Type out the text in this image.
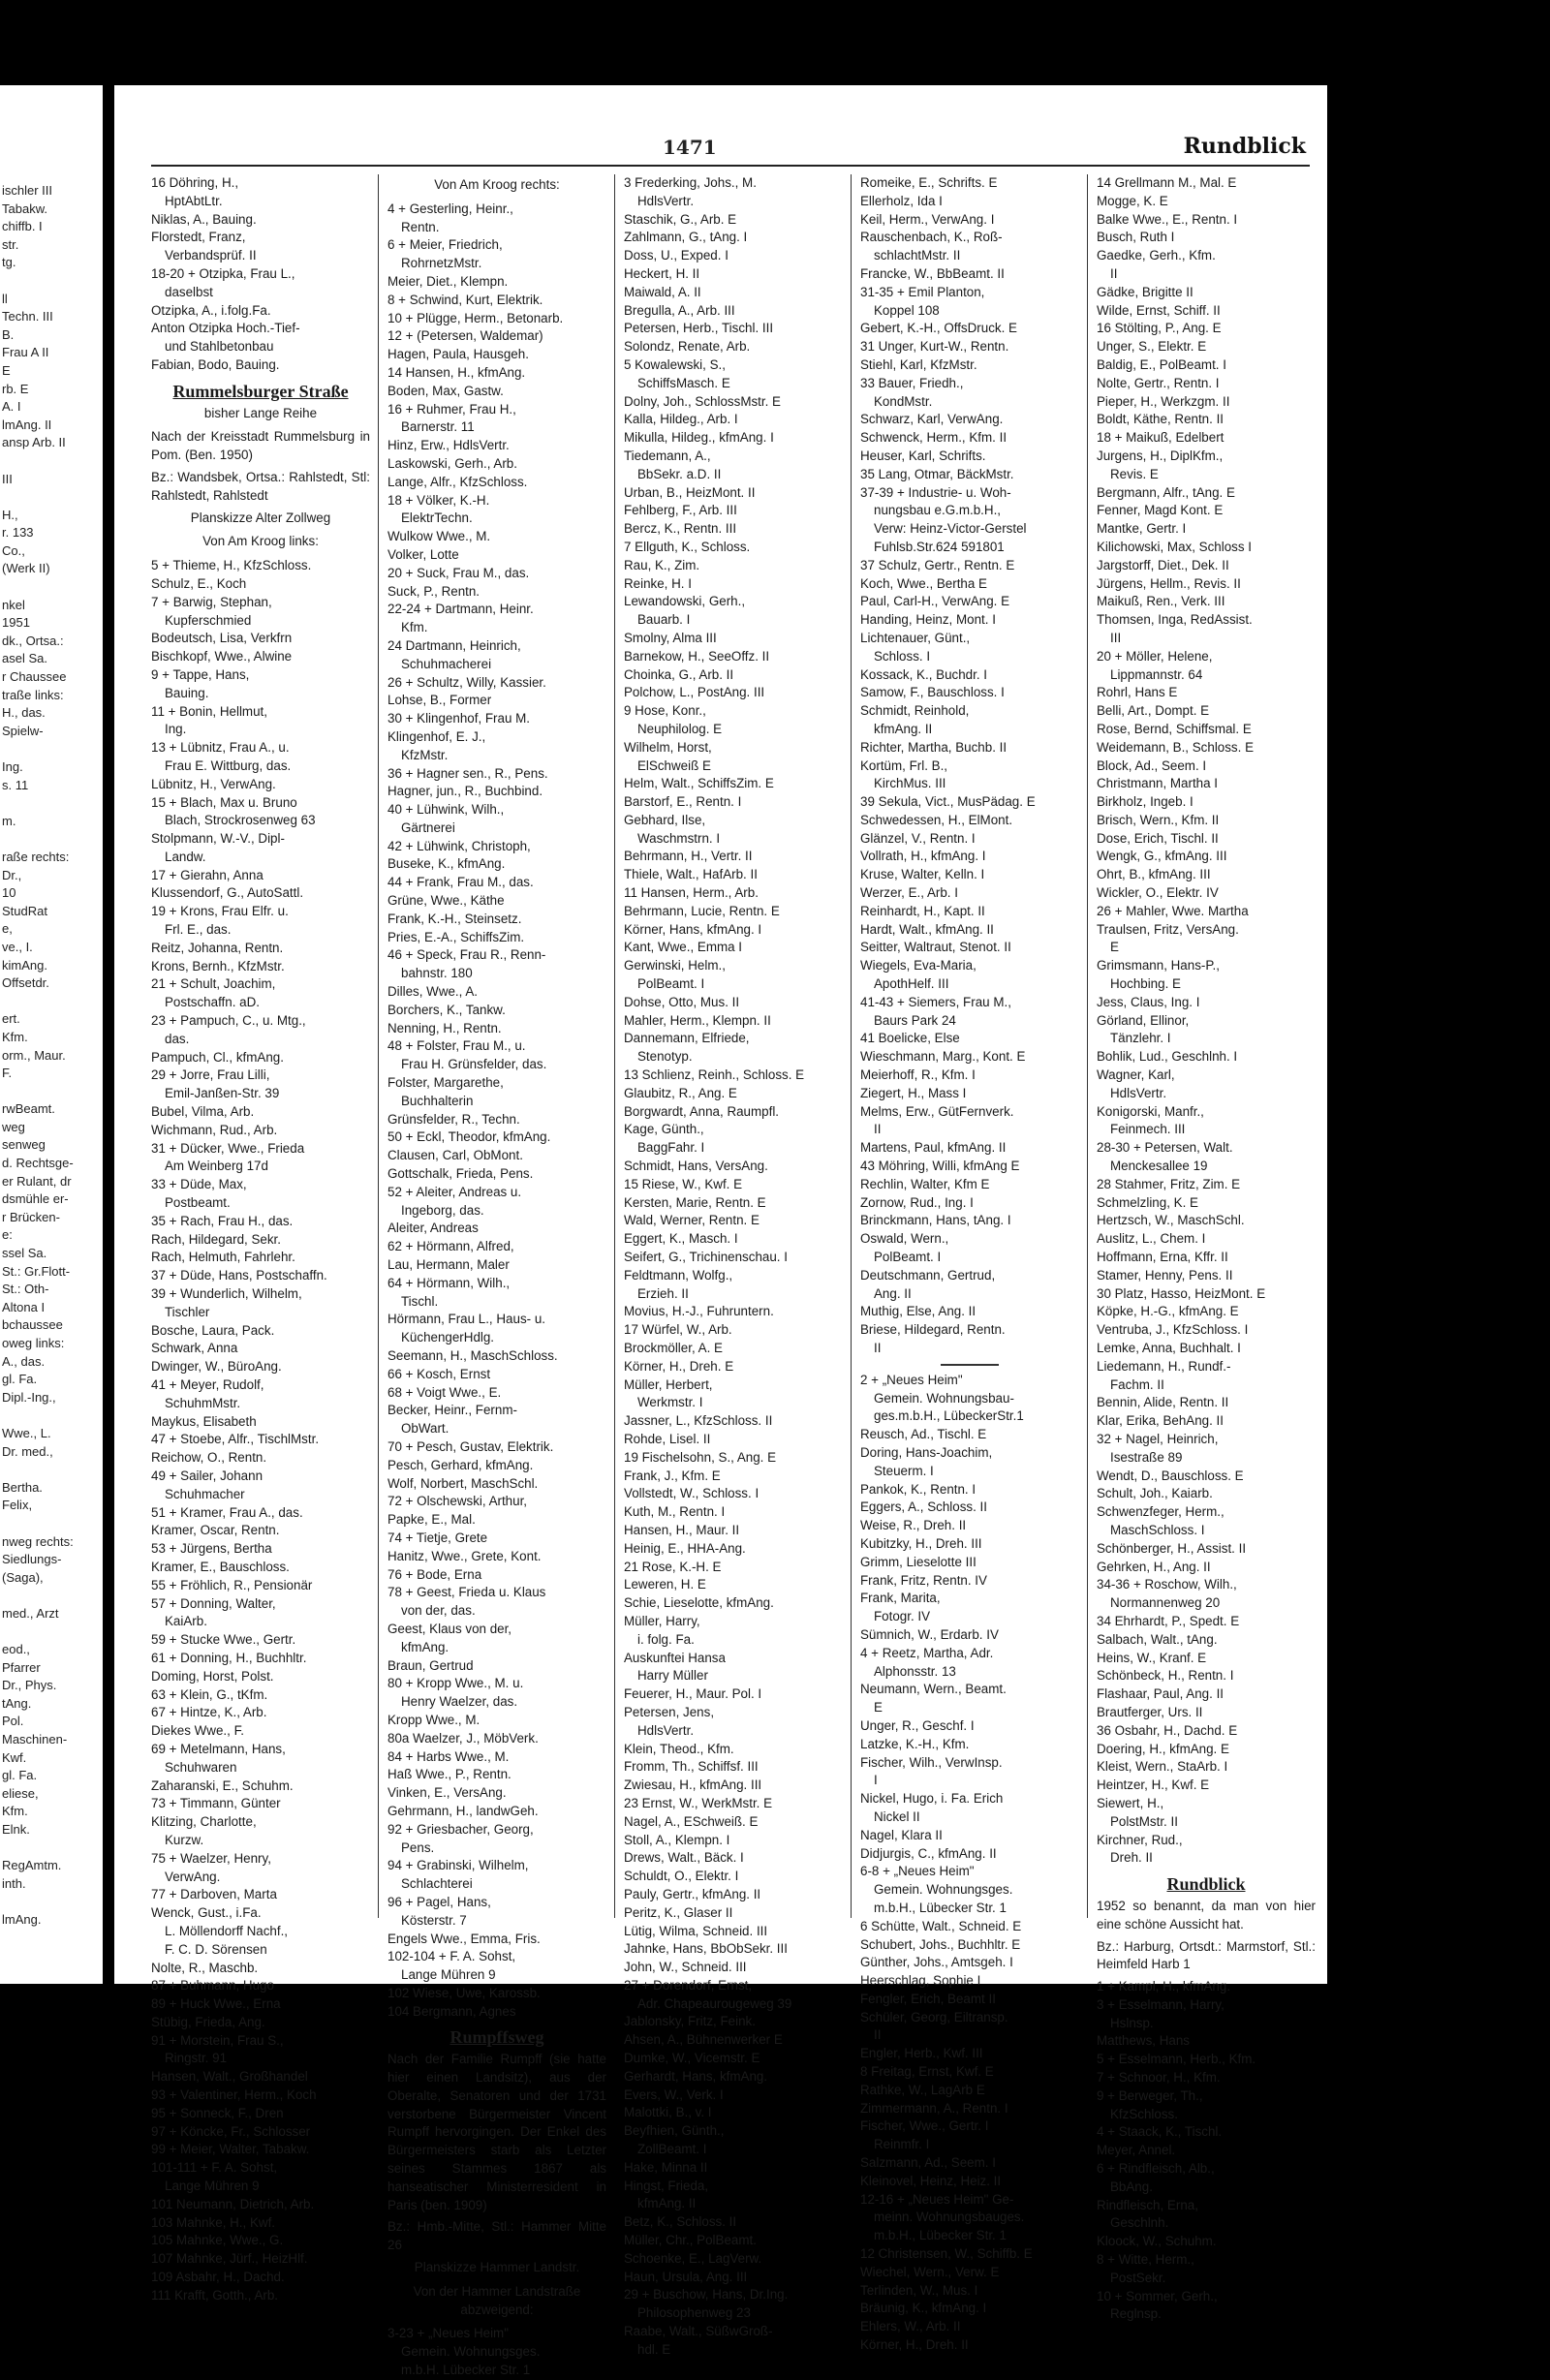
ischler III
Tabakw.
chiffb. I
str.
tg.

ll
Techn. III
B.
Frau A II
E
rb. E
A. I
lmAng. II
ansp Arb. II

III

H.,
r. 133
Co.,
(Werk II)

nkel
1951
dk., Ortsa.:
asel Sa.
r Chaussee
traße links:
H., das.
Spielw-

Ing.
s. 11

m.

raße rechts:
Dr.,
10
StudRat
e,
ve., I.
kimAng.
Offsetdr.

ert.
Kfm.
orm., Maur.
F.

rwBeamt.
weg
senweg
d. Rechtsge-
er Rulant, dr
dsmühle er-
r Brücken-
e:
ssel Sa.
St.: Gr.Flott-
St.: Oth-
Altona I
bchaussee
oweg links:
A., das.
gl. Fa.
Dipl.-Ing.,

Wwe., L.
Dr. med.,

Bertha.
Felix,

nweg rechts:
Siedlungs-
(Saga),

med., Arzt

eod.,
Pfarrer
Dr., Phys.
tAng.
Pol.
Maschinen-
Kwf.
gl. Fa.
eliese,
Kfm.
Elnk.

RegAmtm.
inth.

lmAng.
1471	Rundblick
16 Döhring, H.,
HptAbtLtr.
Niklas, A., Bauing.
Florstedt, Franz,
Verbandsprüf. II
18-20 + Otzipka, Frau L.,
daselbst
Otzipka, A., i.folg.Fa.
Anton Otzipka Hoch.-Tief-
und Stahlbetonbau
Fabian, Bodo, Bauing.
Rummelsburger Straße
bisher Lange Reihe
Nach der Kreisstadt Rummelsburg in Pom. (Ben. 1950)
Bz.: Wandsbek, Ortsa.: Rahlstedt, Stl: Rahlstedt, Rahlstedt
Planskizze Alter Zollweg
Von Am Kroog links:
5 + Thieme, H., KfzSchloss.
Schulz, E., Koch
7 + Barwig, Stephan,
Kupferschmied
Bodeutsch, Lisa, Verkfrn
Bischkopf, Wwe., Alwine
9 + Tappe, Hans,
Bauing.
11 + Bonin, Hellmut,
Ing.
13 + Lübnitz, Frau A., u.
Frau E. Wittburg, das.
Lübnitz, H., VerwAng.
15 + Blach, Max u. Bruno
Blach, Strockrosenweg 63
Stolpmann, W.-V., Dipl-
Landw.
17 + Gierahn, Anna
Klussendorf, G., AutoSattl.
19 + Krons, Frau Elfr. u.
Frl. E., das.
Reitz, Johanna, Rentn.
Krons, Bernh., KfzMstr.
21 + Schult, Joachim,
Postschaffn. aD.
23 + Pampuch, C., u. Mtg.,
das.
Pampuch, Cl., kfmAng.
29 + Jorre, Frau Lilli,
Emil-Janßen-Str. 39
Bubel, Vilma, Arb.
Wichmann, Rud., Arb.
31 + Dücker, Wwe., Frieda
Am Weinberg 17d
33 + Düde, Max,
Postbeamt.
35 + Rach, Frau H., das.
Rach, Hildegard, Sekr.
Rach, Helmuth, Fahrlehr.
37 + Düde, Hans, Postschaffn.
39 + Wunderlich, Wilhelm,
Tischler
Bosche, Laura, Pack.
Schwark, Anna
Dwinger, W., BüroAng.
41 + Meyer, Rudolf,
SchuhmMstr.
Maykus, Elisabeth
47 + Stoebe, Alfr., TischlMstr.
Reichow, O., Rentn.
49 + Sailer, Johann
Schuhmacher
51 + Kramer, Frau A., das.
Kramer, Oscar, Rentn.
53 + Jürgens, Bertha
Kramer, E., Bauschloss.
55 + Fröhlich, R., Pensionär
57 + Donning, Walter,
KaiArb.
59 + Stucke Wwe., Gertr.
61 + Donning, H., Buchhltr.
Doming, Horst, Polst.
63 + Klein, G., tKfm.
67 + Hintze, K., Arb.
Diekes Wwe., F.
69 + Metelmann, Hans,
Schuhwaren
Zaharanski, E., Schuhm.
73 + Timmann, Günter
Klitzing, Charlotte,
Kurzw.
75 + Waelzer, Henry,
VerwAng.
77 + Darboven, Marta
Wenck, Gust., i.Fa.
L. Möllendorff Nachf.,
F. C. D. Sörensen
Nolte, R., Maschb.
87 + Buhmann, Hugo
89 + Huck Wwe., Erna
Stübig, Frieda, Ang.
91 + Morstein, Frau S.,
Ringstr. 91
Hansen, Walt., Großhandel
93 + Valentiner, Herm., Koch
95 + Sonneck, F., Dren
97 + Köncke, Fr., Schlosser
99 + Meier, Walter, Tabakw.
101-111 + F. A. Sohst,
Lange Mühren 9
101 Neumann, Dietrich, Arb.
103 Mahnke, H., Kwf.
105 Mahnke, Wwe., G.
107 Mahnke, Jürf., HeizHlf.
109 Asbahr, H., Dachd.
111 Krafft, Gotth., Arb.
Von Am Kroog rechts:
4 + Gesterling, Heinr.,
Rentn.
6 + Meier, Friedrich,
RohrnetzMstr.
Meier, Diet., Klempn.
8 + Schwind, Kurt, Elektrik.
10 + Plügge, Herm., Betonarb.
12 + (Petersen, Waldemar)
Hagen, Paula, Hausgeh.
14 Hansen, H., kfmAng.
Boden, Max, Gastw.
16 + Ruhmer, Frau H.,
Barnerstr. 11
Hinz, Erw., HdlsVertr.
Laskowski, Gerh., Arb.
Lange, Alfr., KfzSchloss.
18 + Völker, K.-H.
ElektrTechn.
Wulkow Wwe., M.
Volker, Lotte
20 + Suck, Frau M., das.
Suck, P., Rentn.
22-24 + Dartmann, Heinr.
Kfm.
24 Dartmann, Heinrich,
Schuhmacherei
26 + Schultz, Willy, Kassier.
Lohse, B., Former
30 + Klingenhof, Frau M.
Klingenhof, E. J.,
KfzMstr.
36 + Hagner sen., R., Pens.
Hagner, jun., R., Buchbind.
40 + Lühwink, Wilh.,
Gärtnerei
42 + Lühwink, Christoph,
Buseke, K., kfmAng.
44 + Frank, Frau M., das.
Grüne, Wwe., Käthe
Frank, K.-H., Steinsetz.
Pries, E.-A., SchiffsZim.
46 + Speck, Frau R., Renn-
bahnstr. 180
Dilles, Wwe., A.
Borchers, K., Tankw.
Nenning, H., Rentn.
48 + Folster, Frau M., u.
Frau H. Grünsfelder, das.
Folster, Margarethe,
Buchhalterin
Grünsfelder, R., Techn.
50 + Eckl, Theodor, kfmAng.
Clausen, Carl, ObMont.
Gottschalk, Frieda, Pens.
52 + Aleiter, Andreas u.
Ingeborg, das.
Aleiter, Andreas
62 + Hörmann, Alfred,
Lau, Hermann, Maler
64 + Hörmann, Wilh.,
Tischl.
Hörmann, Frau L., Haus- u.
KüchengerHdlg.
Seemann, H., MaschSchloss.
66 + Kosch, Ernst
68 + Voigt Wwe., E.
Becker, Heinr., Fernm-
ObWart.
70 + Pesch, Gustav, Elektrik.
Pesch, Gerhard, kfmAng.
Wolf, Norbert, MaschSchl.
72 + Olschewski, Arthur,
Papke, E., Mal.
74 + Tietje, Grete
Hanitz, Wwe., Grete, Kont.
76 + Bode, Erna
78 + Geest, Frieda u. Klaus
von der, das.
Geest, Klaus von der,
kfmAng.
Braun, Gertrud
80 + Kropp Wwe., M. u.
Henry Waelzer, das.
Kropp Wwe., M.
80a Waelzer, J., MöbVerk.
84 + Harbs Wwe., M.
Haß Wwe., P., Rentn.
Vinken, E., VersAng.
Gehrmann, H., landwGeh.
92 + Griesbacher, Georg,
Pens.
94 + Grabinski, Wilhelm,
Schlachterei
96 + Pagel, Hans,
Kösterstr. 7
Engels Wwe., Emma, Fris.
102-104 + F. A. Sohst,
Lange Mühren 9
102 Wiese, Uwe, Karossb.
104 Bergmann, Agnes
Rumpffsweg
Nach der Familie Rumpff (sie hatte hier einen Landsitz), aus der Oberalte, Senatoren und der 1731 verstorbene Bürgermeister Vincent Rumpff hervorgingen. Der Enkel des Bürgermeisters starb als Letzter seines Stammes 1867 als hanseatischer Ministerresident in Paris (ben. 1909)
Bz.: Hmb.-Mitte, Stl.: Hammer Mitte 26
Planskizze Hammer Landstr.
Von der Hammer Landstraße abzweigend:
3-23 + „Neues Heim"
Gemein. Wohnungsges.
m.b.H. Lübecker Str. 1
3 Frederking, Johs., M.
HdlsVertr.
Staschik, G., Arb. E
Zahlmann, G., tAng. I
Doss, U., Exped. I
Heckert, H. II
Maiwald, A. II
Bregulla, A., Arb. III
Petersen, Herb., Tischl. III
Solondz, Renate, Arb.
5 Kowalewski, S.,
SchiffsMasch. E
Dolny, Joh., SchlossMstr. E
Kalla, Hildeg., Arb. I
Mikulla, Hildeg., kfmAng. I
Tiedemann, A.,
BbSekr. a.D. II
Urban, B., HeizMont. II
Fehlberg, F., Arb. III
Bercz, K., Rentn. III
7 Ellguth, K., Schloss.
Rau, K., Zim.
Reinke, H. I
Lewandowski, Gerh.,
Bauarb. I
Smolny, Alma III
Barnekow, H., SeeOffz. II
Choinka, G., Arb. II
Polchow, L., PostAng. III
9 Hose, Konr.,
Neuphilolog. E
Wilhelm, Horst,
ElSchweiß E
Helm, Walt., SchiffsZim. E
Barstorf, E., Rentn. I
Gebhard, Ilse,
Waschmstrn. I
Behrmann, H., Vertr. II
Thiele, Walt., HafArb. II
11 Hansen, Herm., Arb.
Behrmann, Lucie, Rentn. E
Körner, Hans, kfmAng. I
Kant, Wwe., Emma I
Gerwinski, Helm.,
PolBeamt. I
Dohse, Otto, Mus. II
Mahler, Herm., Klempn. II
Dannemann, Elfriede,
Stenotyp.
13 Schlienz, Reinh., Schloss. E
Glaubitz, R., Ang. E
Borgwardt, Anna, Raumpfl.
Kage, Günth.,
BaggFahr. I
Schmidt, Hans, VersAng.
15 Riese, W., Kwf. E
Kersten, Marie, Rentn. E
Wald, Werner, Rentn. E
Eggert, K., Masch. I
Seifert, G., Trichinenschau. I
Feldtmann, Wolfg.,
Erzieh. II
Movius, H.-J., Fuhruntern.
17 Würfel, W., Arb.
Brockmöller, A. E
Körner, H., Dreh. E
Müller, Herbert,
Werkmstr. I
Jassner, L., KfzSchloss. II
Rohde, Lisel. II
19 Fischelsohn, S., Ang. E
Frank, J., Kfm. E
Vollstedt, W., Schloss. I
Kuth, M., Rentn. I
Hansen, H., Maur. II
Heinig, E., HHA-Ang.
21 Rose, K.-H. E
Leweren, H. E
Schie, Lieselotte, kfmAng.
Müller, Harry,
i. folg. Fa.
Auskunftei Hansa
Harry Müller
Feuerer, H., Maur. Pol. I
Petersen, Jens,
HdlsVertr.
Klein, Theod., Kfm.
Fromm, Th., Schiffsf. III
Zwiesau, H., kfmAng. III
23 Ernst, W., WerkMstr. E
Nagel, A., ESchweiß. E
Stoll, A., Klempn. I
Drews, Walt., Bäck. I
Schuldt, O., Elektr. I
Pauly, Gertr., kfmAng. II
Peritz, K., Glaser II
Lütig, Wilma, Schneid. III
Jahnke, Hans, BbObSekr. III
John, W., Schneid. III
27 + Dorendorf, Ernst,
Adr. Chapeaurougeweg 39
Jablonsky, Fritz, Feink.
Ahsen, A., Bühnenwerker E
Dumke, W., Vicemstr. E
Gerhardt, Hans, kfmAng.
Evers, W., Verk. I
Malottki, B., v. I
Beyfhien, Günth.,
ZollBeamt. I
Hake, Minna II
Hingst, Frieda,
kfmAng. II
Betz, K., Schloss. II
Müller, Chr., PolBeamt.
Schoenke, E., LagVerw.
Haun, Ursula, Ang. III
29 + Buschow, Hans, Dr.Ing.
Philosophenweg 23
Raabe, Walt., SüßwGroß-
hdl. E
Romeike, E., Schrifts. E
Ellerholz, Ida I
Keil, Herm., VerwAng. I
Rauschenbach, K., Roß-
schlachtMstr. II
Francke, W., BbBeamt. II
31-35 + Emil Planton,
Koppel 108
Gebert, K.-H., OffsDruck. E
31 Unger, Kurt-W., Rentn.
Stiehl, Karl, KfzMstr.
33 Bauer, Friedh.,
KondMstr.
Schwarz, Karl, VerwAng.
Schwenck, Herm., Kfm. II
Heuser, Karl, Schrifts.
35 Lang, Otmar, BäckMstr.
37-39 + Industrie- u. Woh-
nungsbau e.G.m.b.H.,
Verw: Heinz-Victor-Gerstel
Fuhlsb.Str.624 591801
37 Schulz, Gertr., Rentn. E
Koch, Wwe., Bertha E
Paul, Carl-H., VerwAng. E
Handing, Heinz, Mont. I
Lichtenauer, Günt.,
Schloss. I
Kossack, K., Buchdr. I
Samow, F., Bauschloss. I
Schmidt, Reinhold,
kfmAng. II
Richter, Martha, Buchb. II
Kortüm, Frl. B.,
KirchMus. III
39 Sekula, Vict., MusPädag. E
Schwedessen, H., ElMont.
Glänzel, V., Rentn. I
Vollrath, H., kfmAng. I
Kruse, Walter, Kelln. I
Werzer, E., Arb. I
Reinhardt, H., Kapt. II
Hardt, Walt., kfmAng. II
Seitter, Waltraut, Stenot. II
Wiegels, Eva-Maria,
ApothHelf. III
41-43 + Siemers, Frau M.,
Baurs Park 24
41 Boelicke, Else
Wieschmann, Marg., Kont. E
Meierhoff, R., Kfm. I
Ziegert, H., Mass I
Melms, Erw., GütFernverk.
II
Martens, Paul, kfmAng. II
43 Möhring, Willi, kfmAng E
Rechlin, Walter, Kfm E
Zornow, Rud., Ing. I
Brinckmann, Hans, tAng. I
Oswald, Wern.,
PolBeamt. I
Deutschmann, Gertrud,
Ang. II
Muthig, Else, Ang. II
Briese, Hildegard, Rentn.
II
2 + „Neues Heim"
Gemein. Wohnungsbau-
ges.m.b.H., LübeckerStr.1
Reusch, Ad., Tischl. E
Doring, Hans-Joachim,
Steuerm. I
Pankok, K., Rentn. I
Eggers, A., Schloss. II
Weise, R., Dreh. II
Kubitzky, H., Dreh. III
Grimm, Lieselotte III
Frank, Fritz, Rentn. IV
Frank, Marita,
Fotogr. IV
Sümnich, W., Erdarb. IV
4 + Reetz, Martha, Adr.
Alphonsstr. 13
Neumann, Wern., Beamt.
E
Unger, R., Geschf. I
Latzke, K.-H., Kfm.
Fischer, Wilh., VerwInsp.
I
Nickel, Hugo, i. Fa. Erich
Nickel II
Nagel, Klara II
Didjurgis, C., kfmAng. II
6-8 + „Neues Heim"
Gemein. Wohnungsges.
m.b.H., Lübecker Str. 1
6 Schütte, Walt., Schneid. E
Schubert, Johs., Buchhltr. E
Günther, Johs., Amtsgeh. I
Heerschlag, Sophie I
Fengler, Erich, Beamt II
Schüler, Georg, Eiltransp.
II
Engler, Herb., Kwf. III
8 Freitag, Ernst, Kwf. E
Rathke, W., LagArb E
Zimmermann, A., Rentn. I
Fischer, Wwe., Gertr. I
Reinmfr. I
Salzmann, Ad., Seem. I
Kleinovel, Heinz, Heiz. II
12-16 + „Neues Heim" Ge-
meinn. Wohnungsbauges.
m.b.H., Lübecker Str. 1
12 Christensen, W., Schiffb. E
Wiechel, Wern., Verw. E
Terlinden, W., Mus. I
Bräunig, K., kfmAng. I
Ehlers, W., Arb. II
Körner, H., Dreh. II
14 Grellmann M., Mal. E
Mogge, K. E
Balke Wwe., E., Rentn. I
Busch, Ruth I
Gaedke, Gerh., Kfm.
II
Gädke, Brigitte II
Wilde, Ernst, Schiff. II
16 Stölting, P., Ang. E
Unger, S., Elektr. E
Baldig, E., PolBeamt. I
Nolte, Gertr., Rentn. I
Pieper, H., Werkzgm. II
Boldt, Käthe, Rentn. II
18 + Maikuß, Edelbert
Jurgens, H., DiplKfm.,
Revis. E
Bergmann, Alfr., tAng. E
Fenner, Magd Kont. E
Mantke, Gertr. I
Kilichowski, Max, Schloss I
Jargstorff, Diet., Dek. II
Jürgens, Hellm., Revis. II
Maikuß, Ren., Verk. III
Thomsen, Inga, RedAssist.
III
20 + Möller, Helene,
Lippmannstr. 64
Rohrl, Hans E
Belli, Art., Dompt. E
Rose, Bernd, Schiffsmal. E
Weidemann, B., Schloss. E
Block, Ad., Seem. I
Christmann, Martha I
Birkholz, Ingeb. I
Brisch, Wern., Kfm. II
Dose, Erich, Tischl. II
Wengk, G., kfmAng. III
Ohrt, B., kfmAng. III
Wickler, O., Elektr. IV
26 + Mahler, Wwe. Martha
Traulsen, Fritz, VersAng.
E
Grimsmann, Hans-P.,
Hochbing. E
Jess, Claus, Ing. I
Görland, Ellinor,
Tänzlehr. I
Bohlik, Lud., Geschlnh. I
Wagner, Karl,
HdlsVertr.
Konigorski, Manfr.,
Feinmech. III
28-30 + Petersen, Walt.
Menckesallee 19
28 Stahmer, Fritz, Zim. E
Schmelzling, K. E
Hertzsch, W., MaschSchl.
Auslitz, L., Chem. I
Hoffmann, Erna, Kffr. II
Stamer, Henny, Pens. II
30 Platz, Hasso, HeizMont. E
Köpke, H.-G., kfmAng. E
Ventruba, J., KfzSchloss. I
Lemke, Anna, Buchhalt. I
Liedemann, H., Rundf.-
Fachm. II
Bennin, Alide, Rentn. II
Klar, Erika, BehAng. II
32 + Nagel, Heinrich,
Isestraße 89
Wendt, D., Bauschloss. E
Schult, Joh., Kaiarb.
Schwenzfeger, Herm.,
MaschSchloss. I
Schönberger, H., Assist. II
Gehrken, H., Ang. II
34-36 + Roschow, Wilh.,
Normannenweg 20
34 Ehrhardt, P., Spedt. E
Salbach, Walt., tAng.
Heins, W., Kranf. E
Schönbeck, H., Rentn. I
Flashaar, Paul, Ang. II
Brautferger, Urs. II
36 Osbahr, H., Dachd. E
Doering, H., kfmAng. E
Kleist, Wern., StaArb. I
Heintzer, H., Kwf. E
Siewert, H.,
PolstMstr. II
Kirchner, Rud.,
Dreh. II
Rundblick
1952 so benannt, da man von hier eine schöne Aussicht hat.
Bz.: Harburg, Ortsdt.: Marmstorf, Stl.: Heimfeld Harb 1
1 + Kampl, H., kfmAng.
3 + Esselmann, Harry,
Hslnsp.
Matthews, Hans
5 + Esselmann, Herb., Kfm.
7 + Schnoor, H., Kfm.
9 + Berweger, Th.,
KfzSchloss.
4 + Staack, K., Tischl.
Meyer, Annel.
6 + Rindfleisch, Alb.,
BbAng.
Rindfleisch, Erna,
Geschlnh.
Kloock, W., Schuhm.
8 + Witte, Herm.,
PostSekr.
10 + Sommer, Gerh.,
Reglnsp.
